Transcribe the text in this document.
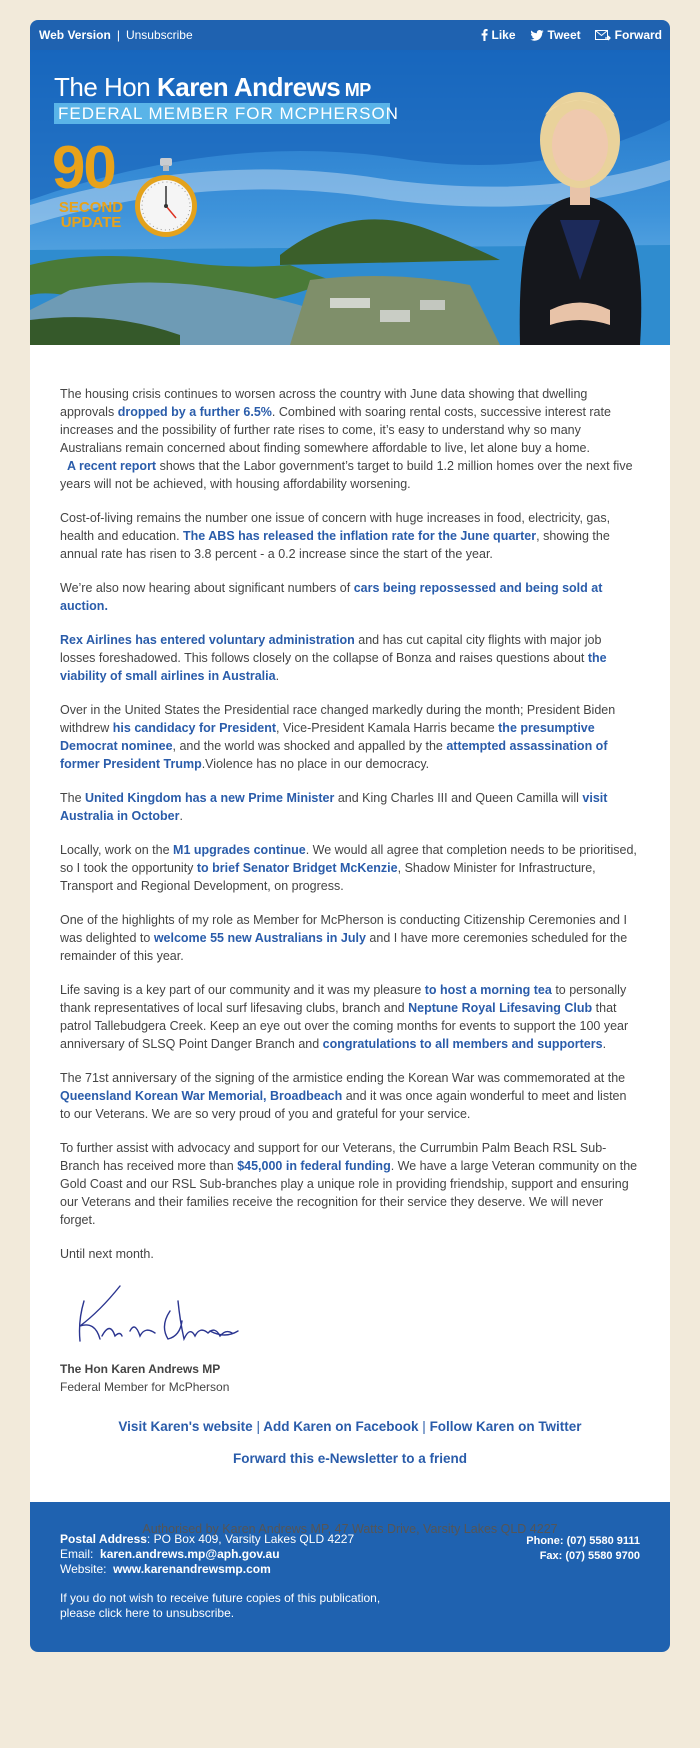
Web Version | Unsubscribe	Like	Tweet	Forward
The Hon Karen Andrews MP
FEDERAL MEMBER FOR MCPHERSON
90
SECOND
UPDATE

The housing crisis continues to worsen across the country with June data showing that dwelling approvals dropped by a further 6.5%. Combined with soaring rental costs, successive interest rate increases and the possibility of further rate rises to come, it’s easy to understand why so many Australians remain concerned about finding somewhere affordable to live, let alone buy a home.
A recent report shows that the Labor government’s target to build 1.2 million homes over the next five years will not be achieved, with housing affordability worsening.

Cost-of-living remains the number one issue of concern with huge increases in food, electricity, gas, health and education. The ABS has released the inflation rate for the June quarter, showing the annual rate has risen to 3.8 percent - a 0.2 increase since the start of the year.

We’re also now hearing about significant numbers of cars being repossessed and being sold at auction.

Rex Airlines has entered voluntary administration and has cut capital city flights with major job losses foreshadowed. This follows closely on the collapse of Bonza and raises questions about the viability of small airlines in Australia.

Over in the United States the Presidential race changed markedly during the month; President Biden withdrew his candidacy for President, Vice-President Kamala Harris became the presumptive Democrat nominee, and the world was shocked and appalled by the attempted assassination of former President Trump.Violence has no place in our democracy.

The United Kingdom has a new Prime Minister and King Charles III and Queen Camilla will visit Australia in October.

Locally, work on the M1 upgrades continue. We would all agree that completion needs to be prioritised, so I took the opportunity to brief Senator Bridget McKenzie, Shadow Minister for Infrastructure, Transport and Regional Development, on progress.

One of the highlights of my role as Member for McPherson is conducting Citizenship Ceremonies and I was delighted to welcome 55 new Australians in July and I have more ceremonies scheduled for the remainder of this year.

Life saving is a key part of our community and it was my pleasure to host a morning tea to personally thank representatives of local surf lifesaving clubs, branch and Neptune Royal Lifesaving Club that patrol Tallebudgera Creek. Keep an eye out over the coming months for events to support the 100 year anniversary of SLSQ Point Danger Branch and congratulations to all members and supporters.

The 71st anniversary of the signing of the armistice ending the Korean War was commemorated at the Queensland Korean War Memorial, Broadbeach and it was once again wonderful to meet and listen to our Veterans. We are so very proud of you and grateful for your service.

To further assist with advocacy and support for our Veterans, the Currumbin Palm Beach RSL Sub-Branch has received more than $45,000 in federal funding. We have a large Veteran community on the Gold Coast and our RSL Sub-branches play a unique role in providing friendship, support and ensuring our Veterans and their families receive the recognition for their service they deserve. We will never forget.

Until next month.

The Hon Karen Andrews MP
Federal Member for McPherson
Visit Karen's website | Add Karen on Facebook | Follow Karen on Twitter
Forward this e-Newsletter to a friend
Postal Address: PO Box 409, Varsity Lakes QLD 4227
Email: karen.andrews.mp@aph.gov.au
Website: www.karenandrewsmp.com
If you do not wish to receive future copies of this publication,
please click here to unsubscribe.
Phone: (07) 5580 9111
Fax: (07) 5580 9700
Authorised by Karen Andrews MP, 47 Watts Drive, Varsity Lakes QLD 4227
